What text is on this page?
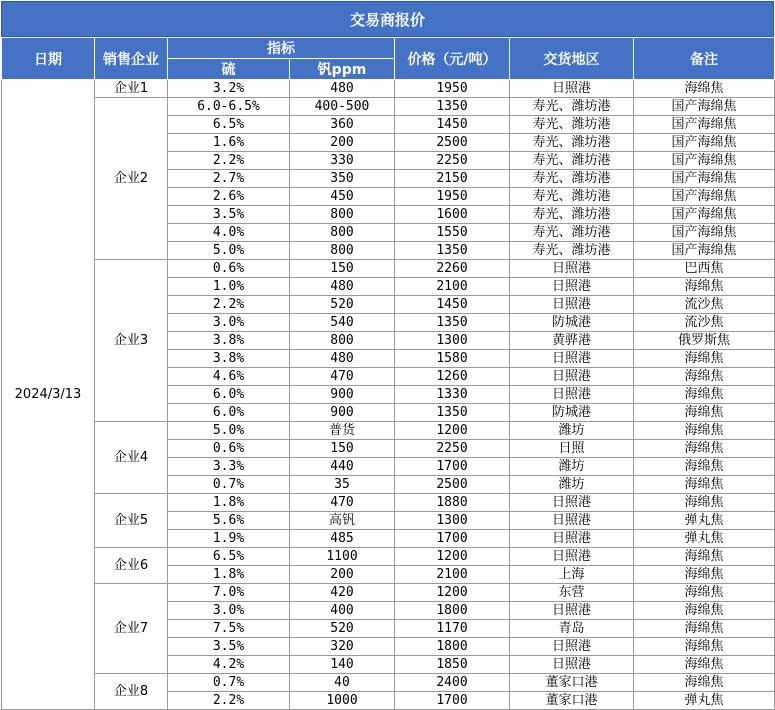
交易商报价
日期	销售企业	指标		价格（元/吨）	交货地区	备注
		硫	钒ppm			
2024/3/13	企业1	3.2%	480	1950	日照港	海绵焦
	企业2	6.0-6.5%	400-500	1350	寿光、潍坊港	国产海绵焦
		6.5%	360	1450	寿光、潍坊港	国产海绵焦
		1.6%	200	2500	寿光、潍坊港	国产海绵焦
		2.2%	330	2250	寿光、潍坊港	国产海绵焦
		2.7%	350	2150	寿光、潍坊港	国产海绵焦
		2.6%	450	1950	寿光、潍坊港	国产海绵焦
		3.5%	800	1600	寿光、潍坊港	国产海绵焦
		4.0%	800	1550	寿光、潍坊港	国产海绵焦
		5.0%	800	1350	寿光、潍坊港	国产海绵焦
	企业3	0.6%	150	2260	日照港	巴西焦
		1.0%	480	2100	日照港	海绵焦
		2.2%	520	1450	日照港	流沙焦
		3.0%	540	1350	防城港	流沙焦
		3.8%	800	1300	黄骅港	俄罗斯焦
		3.8%	480	1580	日照港	海绵焦
		4.6%	470	1260	日照港	海绵焦
		6.0%	900	1330	日照港	海绵焦
		6.0%	900	1350	防城港	海绵焦
	企业4	5.0%	普货	1200	潍坊	海绵焦
		0.6%	150	2250	日照	海绵焦
		3.3%	440	1700	潍坊	海绵焦
		0.7%	35	2500	潍坊	海绵焦
	企业5	1.8%	470	1880	日照港	海绵焦
		5.6%	高钒	1300	日照港	弹丸焦
		1.9%	485	1700	日照港	弹丸焦
	企业6	6.5%	1100	1200	日照港	海绵焦
		1.8%	200	2100	上海	海绵焦
	企业7	7.0%	420	1200	东营	海绵焦
		3.0%	400	1800	日照港	海绵焦
		7.5%	520	1170	青岛	海绵焦
		3.5%	320	1800	日照港	海绵焦
		4.2%	140	1850	日照港	海绵焦
	企业8	0.7%	40	2400	董家口港	海绵焦
		2.2%	1000	1700	董家口港	弹丸焦
